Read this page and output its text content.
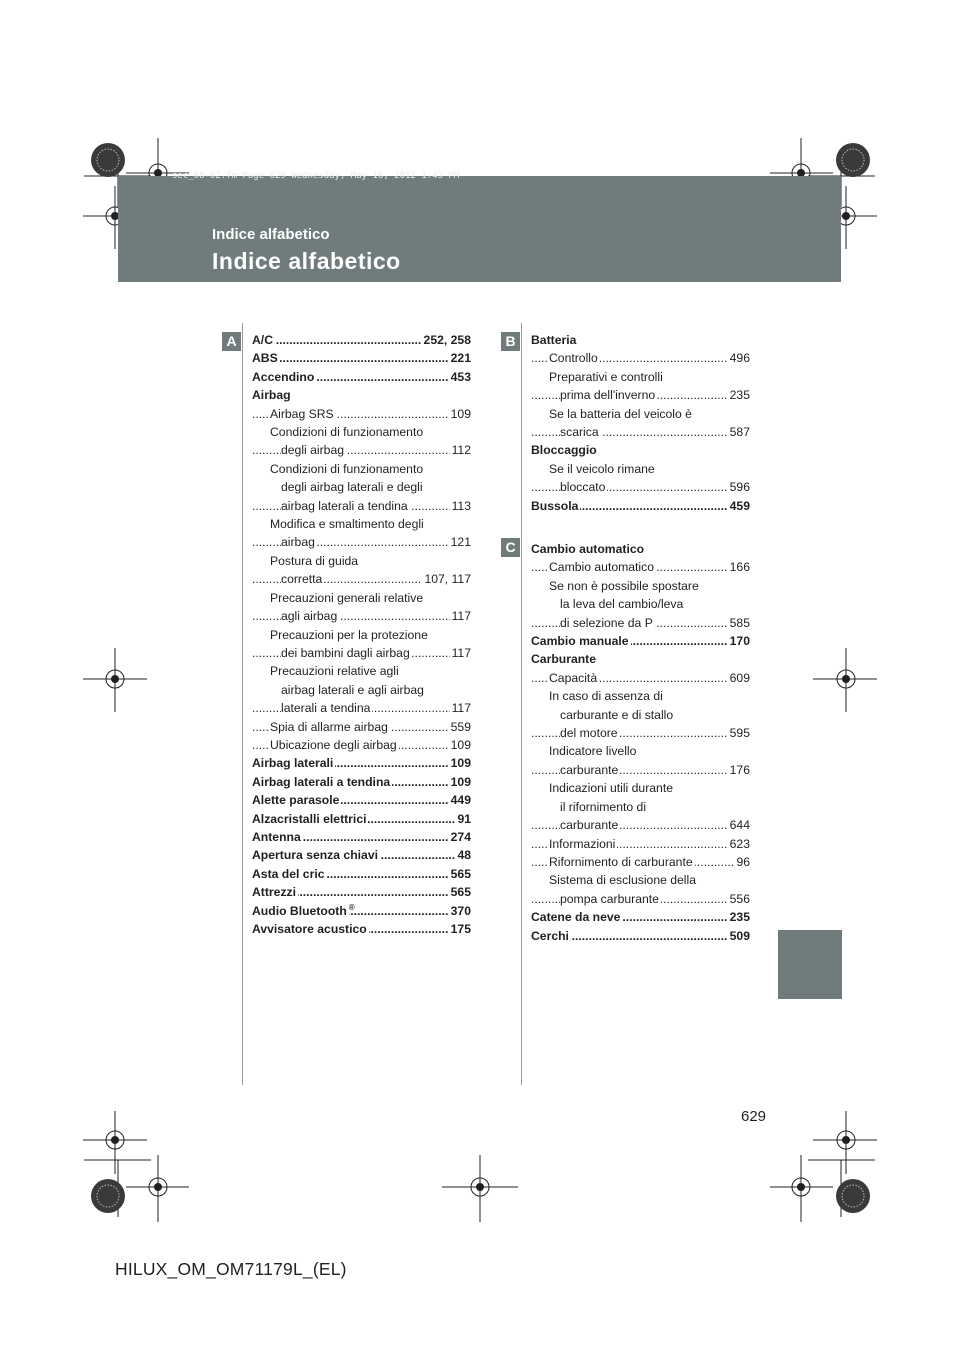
sec_08-02.fm Page 629 Wednesday, May 16, 2012 1:43 PM
Indice alfabetico
Indice alfabetico
A	B
C
.....
A/C	252, 258
.....
ABS	221
.....
Accendino	453
Airbag
.....
Airbag SRS	109
Condizioni di funzionamento
.....
degli airbag	112
Condizioni di funzionamento
degli airbag laterali e degli
.....
airbag laterali a tendina	113
Modifica e smaltimento degli
.....
airbag	121
Postura di guida
.....
corretta	107, 117
Precauzioni generali relative
.....
agli airbag	117
Precauzioni per la protezione
.....
dei bambini dagli airbag	117
Precauzioni relative agli
airbag laterali e agli airbag
.....
laterali a tendina	117
.....
Spia di allarme airbag	559
.....
Ubicazione degli airbag	109
.....
Airbag laterali	109
.....
Airbag laterali a tendina	109
.....
Alette parasole	449
.....
Alzacristalli elettrici	91
.....
Antenna	274
.....
Apertura senza chiavi	48
.....
Asta del cric	565
.....
Attrezzi	565
.....
Audio Bluetooth ®	370
.....
Avvisatore acustico	175
Batteria
.....
Controllo	496
Preparativi e controlli
.....
prima dell'inverno	235
Se la batteria del veicolo è
.....
scarica	587
Bloccaggio
Se il veicolo rimane
.....
bloccato	596
.....
Bussola	459
Cambio automatico
.....
Cambio automatico	166
Se non è possibile spostare
la leva del cambio/leva
.....
di selezione da P	585
.....
Cambio manuale	170
Carburante
.....
Capacità	609
In caso di assenza di
carburante e di stallo
.....
del motore	595
Indicatore livello
.....
carburante	176
Indicazioni utili durante
il rifornimento di
.....
carburante	644
.....
Informazioni	623
.....
Rifornimento di carburante	96
Sistema di esclusione della
.....
pompa carburante	556
.....
Catene da neve	235
.....
Cerchi	509
629
HILUX_OM_OM71179L_(EL)
